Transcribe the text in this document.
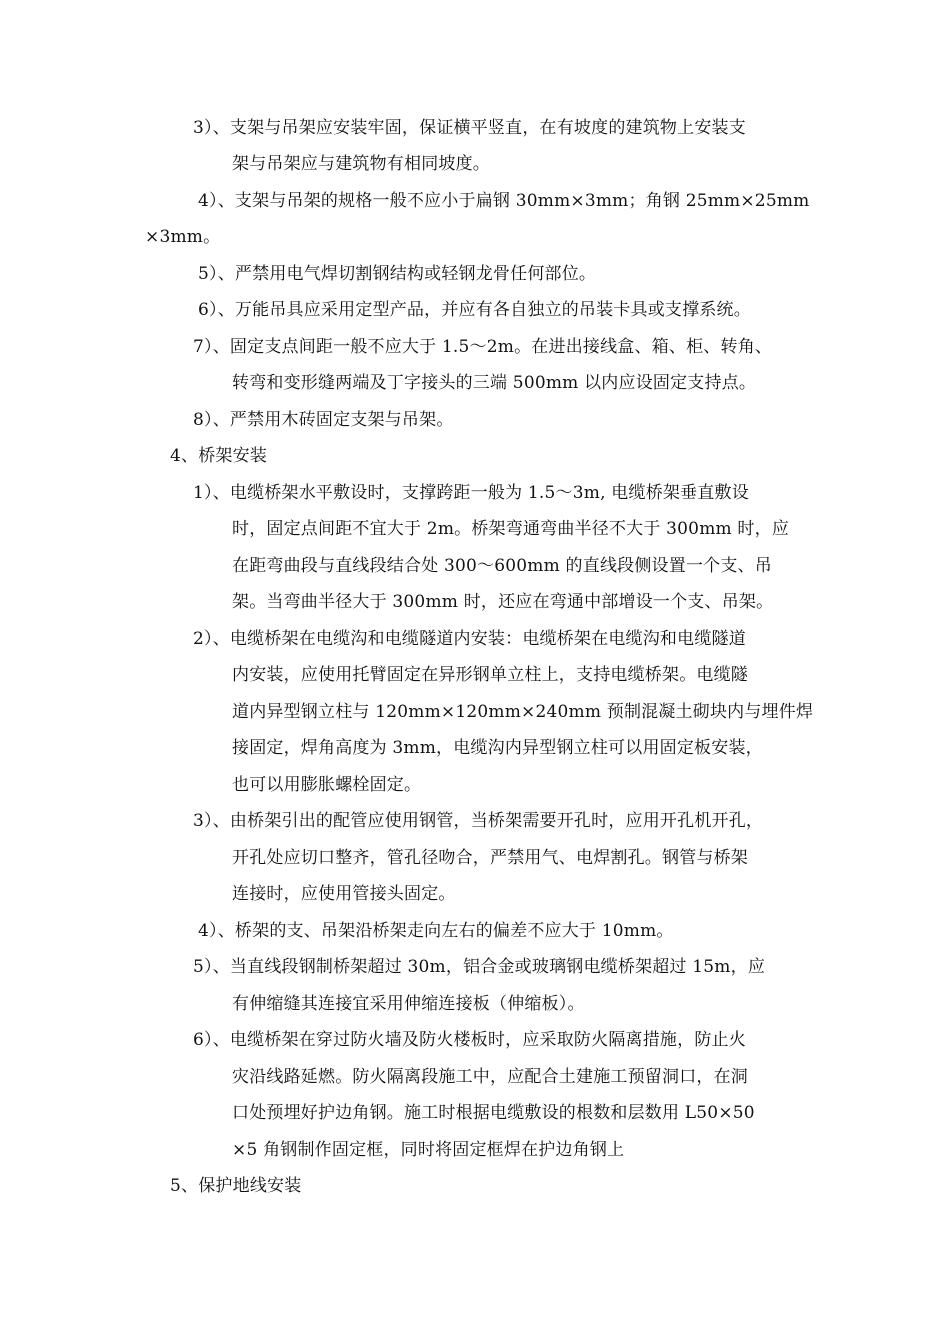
3）、支架与吊架应安装牢固，保证横平竖直，在有坡度的建筑物上安装支
架与吊架应与建筑物有相同坡度。
4）、支架与吊架的规格一般不应小于扁钢 30mm×3mm；角钢 25mm×25mm
×3mm。
5）、严禁用电气焊切割钢结构或轻钢龙骨任何部位。
6）、万能吊具应采用定型产品，并应有各自独立的吊装卡具或支撑系统。
7）、固定支点间距一般不应大于 1.5～2m。在进出接线盒、箱、柜、转角、
转弯和变形缝两端及丁字接头的三端 500mm 以内应设固定支持点。
8）、严禁用木砖固定支架与吊架。
4、桥架安装
1）、电缆桥架水平敷设时，支撑跨距一般为 1.5～3m, 电缆桥架垂直敷设
时，固定点间距不宜大于 2m。桥架弯通弯曲半径不大于 300mm 时，应
在距弯曲段与直线段结合处 300～600mm 的直线段侧设置一个支、吊
架。当弯曲半径大于 300mm 时，还应在弯通中部增设一个支、吊架。
2）、电缆桥架在电缆沟和电缆隧道内安装：电缆桥架在电缆沟和电缆隧道
内安装，应使用托臂固定在异形钢单立柱上，支持电缆桥架。电缆隧
道内异型钢立柱与 120mm×120mm×240mm 预制混凝土砌块内与埋件焊
接固定，焊角高度为 3mm，电缆沟内异型钢立柱可以用固定板安装，
也可以用膨胀螺栓固定。
3）、由桥架引出的配管应使用钢管，当桥架需要开孔时，应用开孔机开孔，
开孔处应切口整齐，管孔径吻合，严禁用气、电焊割孔。钢管与桥架
连接时，应使用管接头固定。
4）、桥架的支、吊架沿桥架走向左右的偏差不应大于 10mm。
5）、当直线段钢制桥架超过 30m，铝合金或玻璃钢电缆桥架超过 15m，应
有伸缩缝其连接宜采用伸缩连接板（伸缩板）。
6）、电缆桥架在穿过防火墙及防火楼板时，应采取防火隔离措施，防止火
灾沿线路延燃。防火隔离段施工中，应配合土建施工预留洞口，在洞
口处预埋好护边角钢。施工时根据电缆敷设的根数和层数用 L50×50
×5 角钢制作固定框，同时将固定框焊在护边角钢上
5、保护地线安装
